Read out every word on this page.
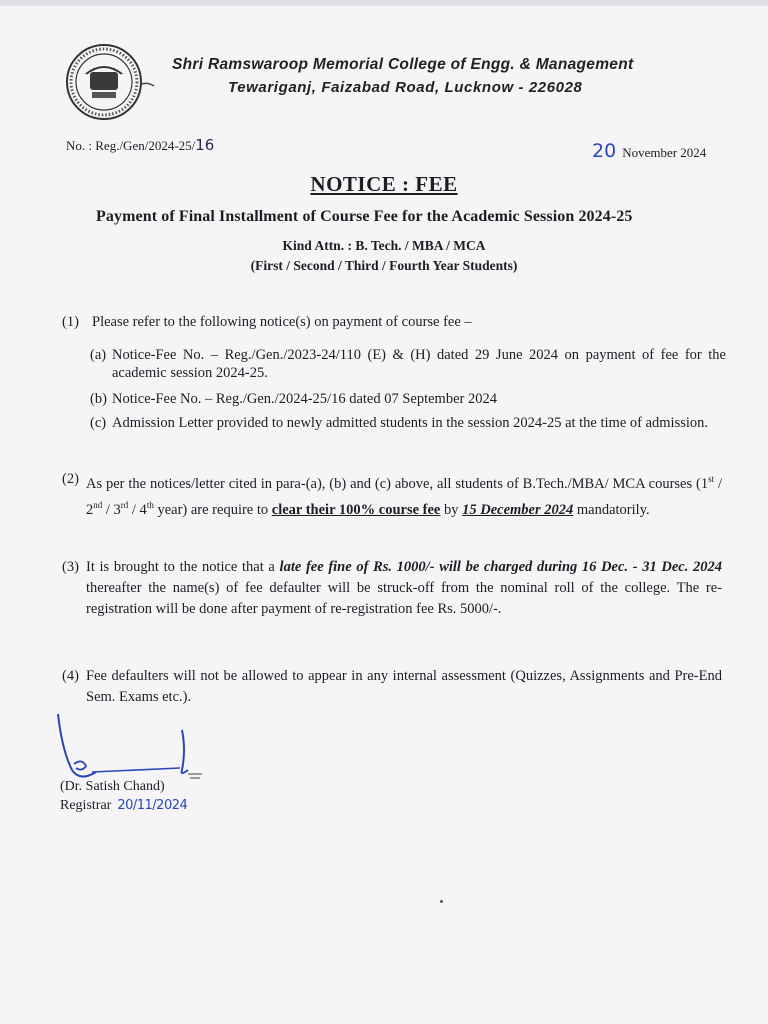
Shri Ramswaroop Memorial College of Engg. & Management
Tewariganj, Faizabad Road, Lucknow - 226028
No. : Reg./Gen/2024-25/16	20 November 2024
NOTICE : FEE
Payment of Final Installment of Course Fee for the Academic Session 2024-25
Kind Attn. : B. Tech. / MBA / MCA
(First / Second / Third / Fourth Year Students)
(1) Please refer to the following notice(s) on payment of course fee –
(a) Notice-Fee No. – Reg./Gen./2023-24/110 (E) & (H) dated 29 June 2024 on payment of fee for the academic session 2024-25.
(b) Notice-Fee No. – Reg./Gen./2024-25/16 dated 07 September 2024
(c) Admission Letter provided to newly admitted students in the session 2024-25 at the time of admission.
(2) As per the notices/letter cited in para-(a), (b) and (c) above, all students of B.Tech./MBA/ MCA courses (1st / 2nd / 3rd / 4th year) are require to clear their 100% course fee by 15 December 2024 mandatorily.
(3) It is brought to the notice that a late fee fine of Rs. 1000/- will be charged during 16 Dec. - 31 Dec. 2024 thereafter the name(s) of fee defaulter will be struck-off from the nominal roll of the college. The re-registration will be done after payment of re-registration fee Rs. 5000/-.
(4) Fee defaulters will not be allowed to appear in any internal assessment (Quizzes, Assignments and Pre-End Sem. Exams etc.).
(Dr. Satish Chand)
Registrar 20/11/2024
